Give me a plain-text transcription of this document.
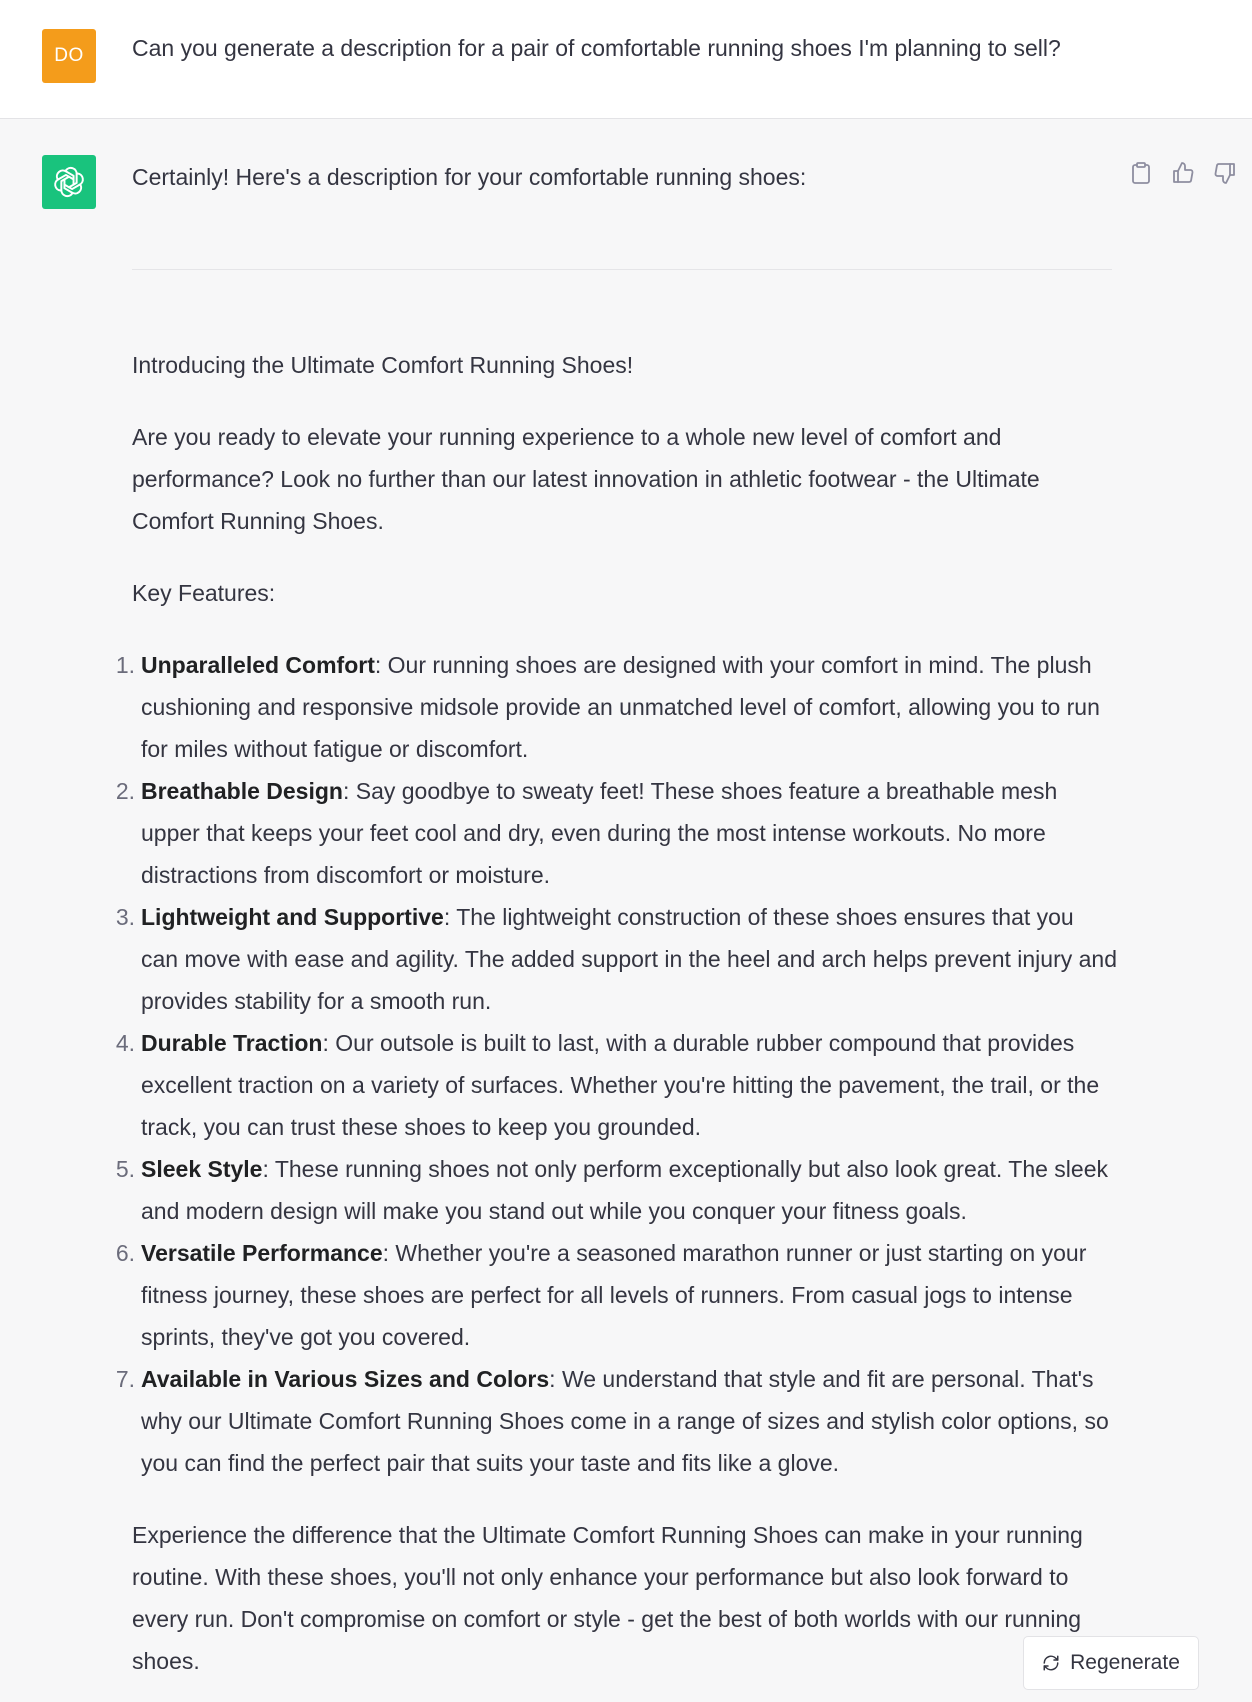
DO Can you generate a description for a pair of comfortable running shoes I'm planning to sell?
Certainly! Here's a description for your comfortable running shoes:

Introducing the Ultimate Comfort Running Shoes!

Are you ready to elevate your running experience to a whole new level of comfort and performance? Look no further than our latest innovation in athletic footwear - the Ultimate Comfort Running Shoes.

Key Features:

1. Unparalleled Comfort: Our running shoes are designed with your comfort in mind. The plush cushioning and responsive midsole provide an unmatched level of comfort, allowing you to run for miles without fatigue or discomfort.
2. Breathable Design: Say goodbye to sweaty feet! These shoes feature a breathable mesh upper that keeps your feet cool and dry, even during the most intense workouts. No more distractions from discomfort or moisture.
3. Lightweight and Supportive: The lightweight construction of these shoes ensures that you can move with ease and agility. The added support in the heel and arch helps prevent injury and provides stability for a smooth run.
4. Durable Traction: Our outsole is built to last, with a durable rubber compound that provides excellent traction on a variety of surfaces. Whether you're hitting the pavement, the trail, or the track, you can trust these shoes to keep you grounded.
5. Sleek Style: These running shoes not only perform exceptionally but also look great. The sleek and modern design will make you stand out while you conquer your fitness goals.
6. Versatile Performance: Whether you're a seasoned marathon runner or just starting on your fitness journey, these shoes are perfect for all levels of runners. From casual jogs to intense sprints, they've got you covered.
7. Available in Various Sizes and Colors: We understand that style and fit are personal. That's why our Ultimate Comfort Running Shoes come in a range of sizes and stylish color options, so you can find the perfect pair that suits your taste and fits like a glove.

Experience the difference that the Ultimate Comfort Running Shoes can make in your running routine. With these shoes, you'll not only enhance your performance but also look forward to every run. Don't compromise on comfort or style - get the best of both worlds with our running shoes.	Regenerate
